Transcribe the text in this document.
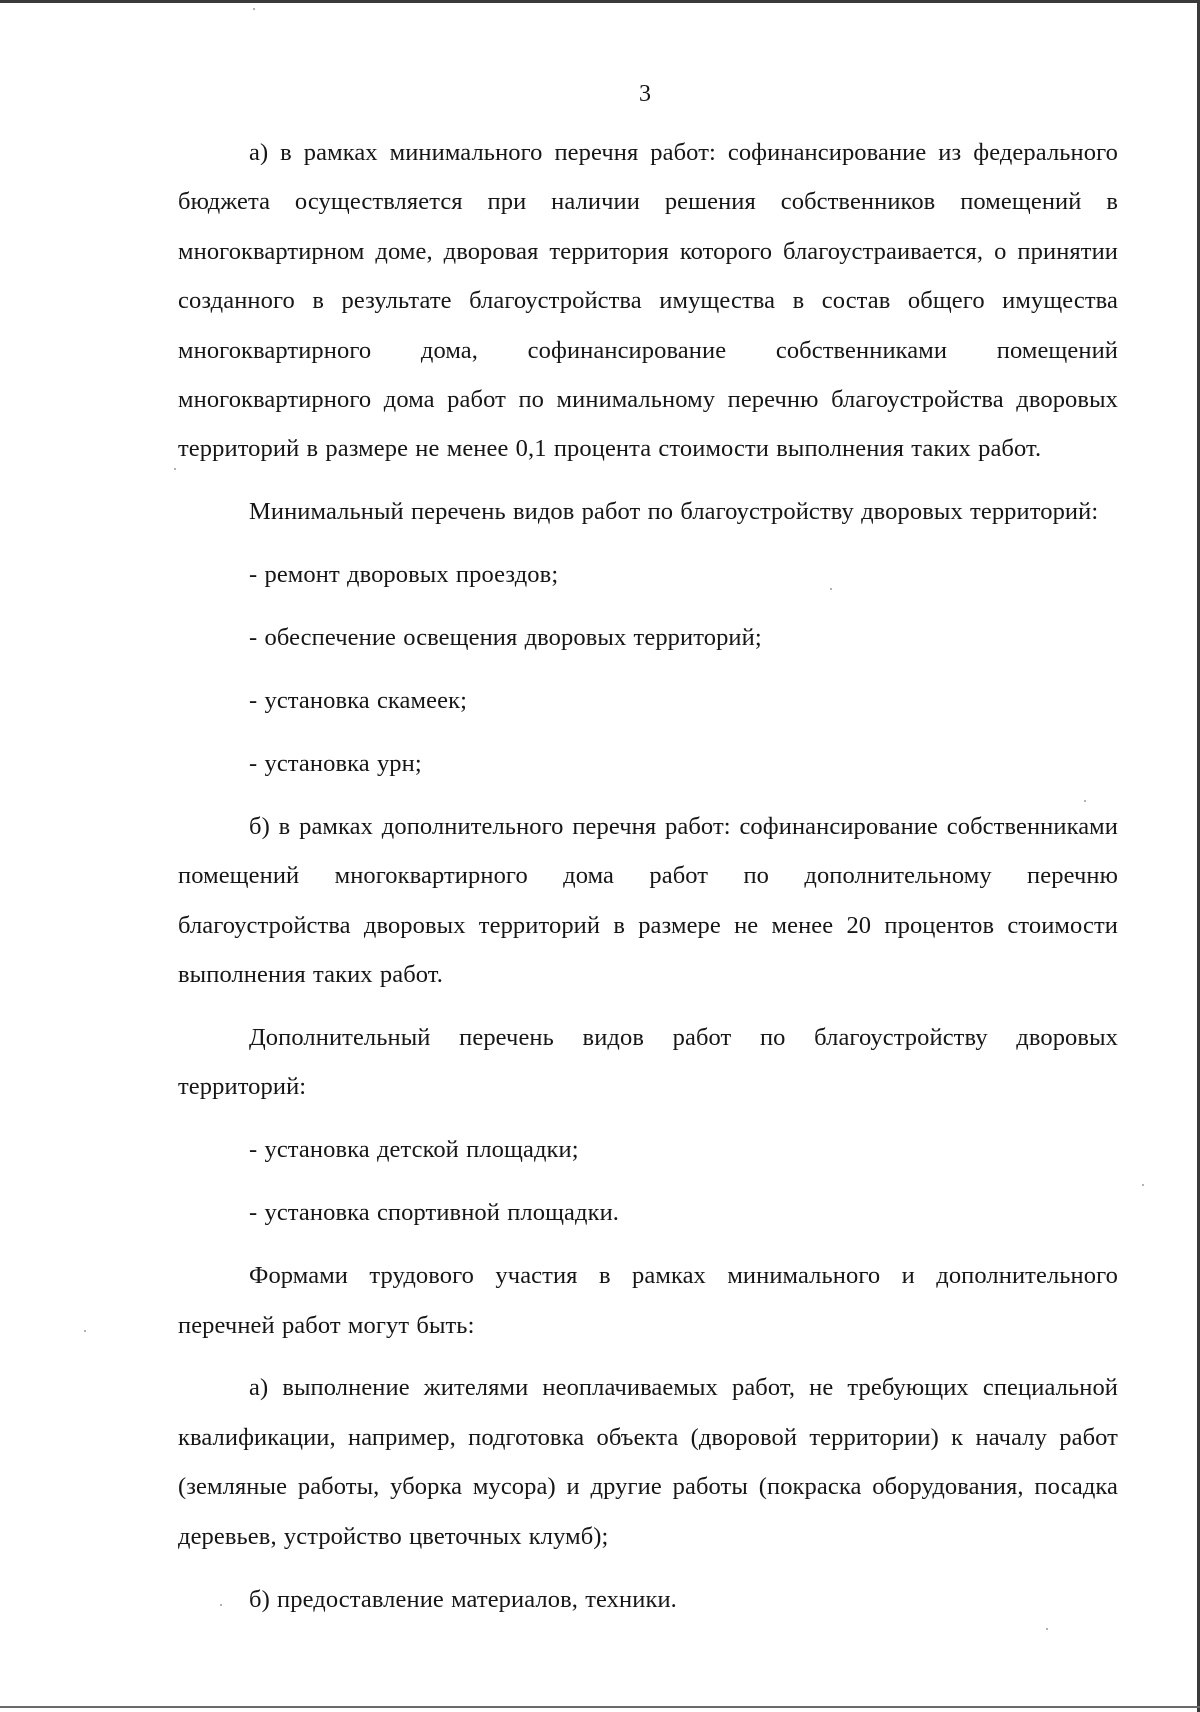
3

а) в рамках минимального перечня работ: софинансирование из федерального бюджета осуществляется при наличии решения собственников помещений в многоквартирном доме, дворовая территория которого благоустраивается, о принятии созданного в результате благоустройства имущества в состав общего имущества многоквартирного дома, софинансирование собственниками помещений многоквартирного дома работ по минимальному перечню благоустройства дворовых территорий в размере не менее 0,1 процента стоимости выполнения таких работ.

Минимальный перечень видов работ по благоустройству дворовых территорий:

- ремонт дворовых проездов;

- обеспечение освещения дворовых территорий;

- установка скамеек;

- установка урн;

б) в рамках дополнительного перечня работ: софинансирование собственниками помещений многоквартирного дома работ по дополнительному перечню благоустройства дворовых территорий в размере не менее 20 процентов стоимости выполнения таких работ.

Дополнительный перечень видов работ по благоустройству дворовых территорий:

- установка детской площадки;

- установка спортивной площадки.

Формами трудового участия в рамках минимального и дополнительного перечней работ могут быть:

а) выполнение жителями неоплачиваемых работ, не требующих специальной квалификации, например, подготовка объекта (дворовой территории) к началу работ (земляные работы, уборка мусора) и другие работы (покраска оборудования, посадка деревьев, устройство цветочных клумб);

б) предоставление материалов, техники.
